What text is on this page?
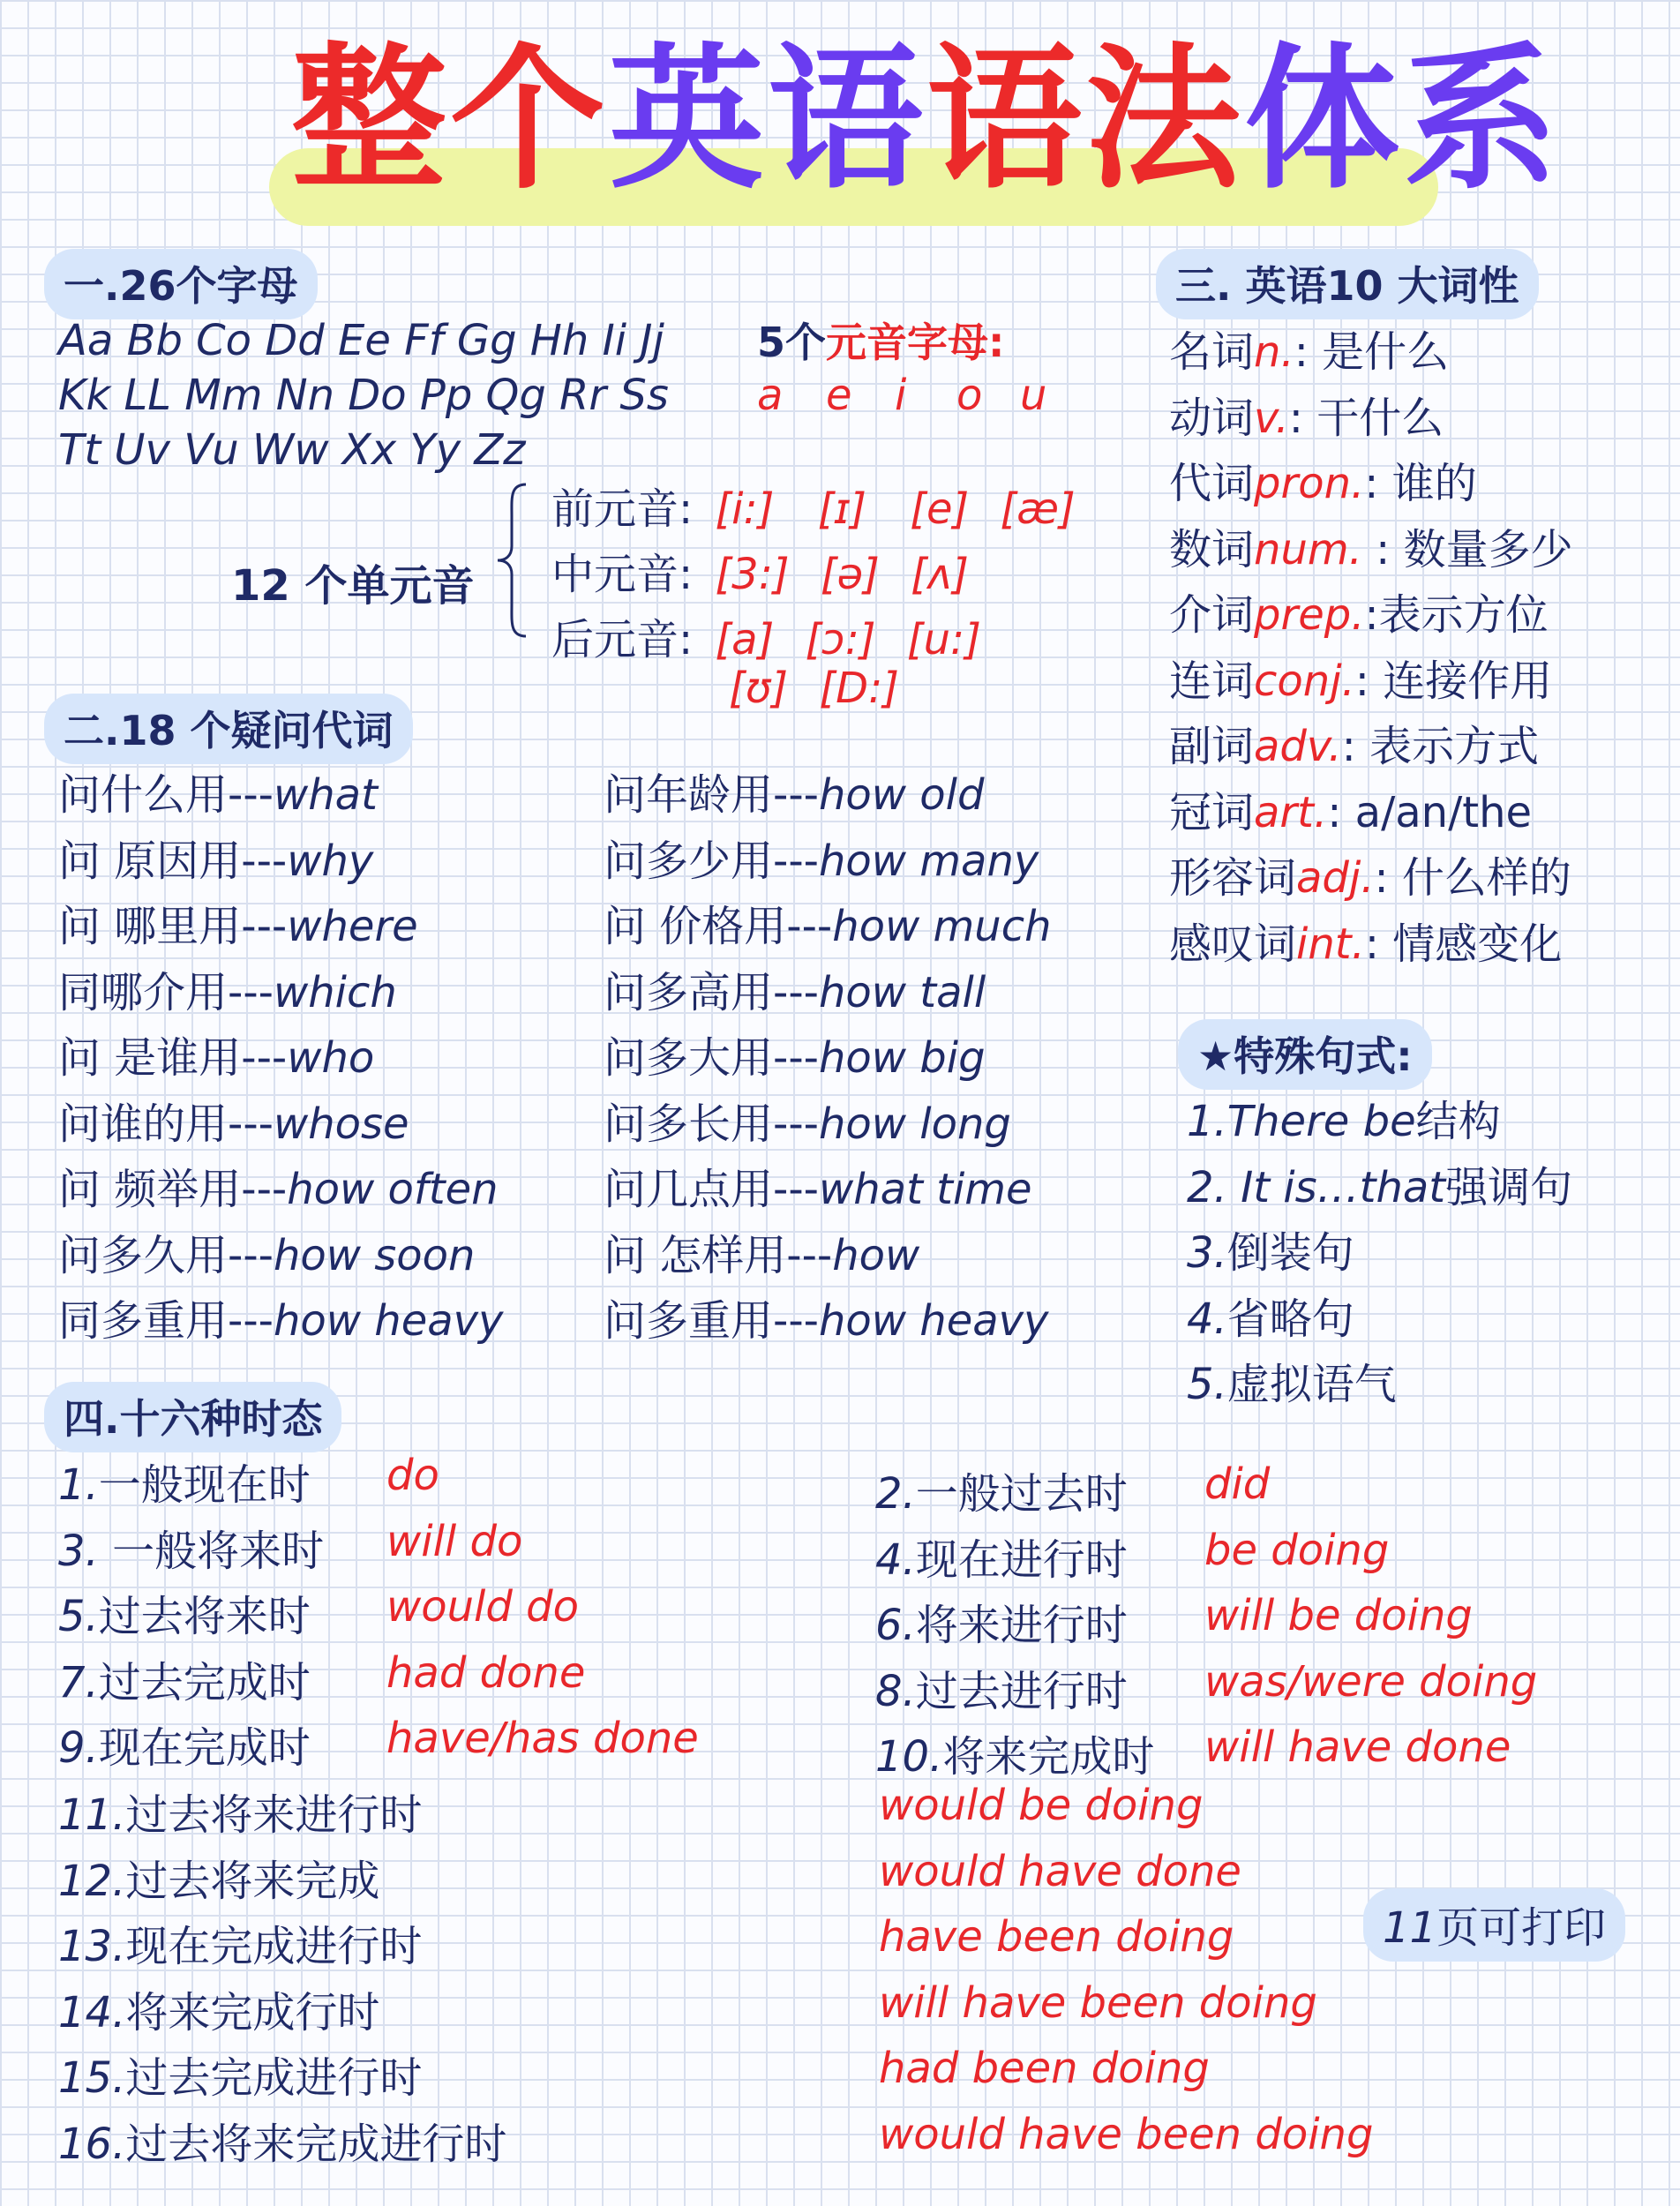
整个英语语法体系
一.26个字母
Aa Bb Co Dd Ee Ff Gg Hh Ii Jj
Kk LL Mm Nn Do Pp Qg Rr Ss
Tt Uv Vu Ww Xx Yy Zz
5个元音字母:
a e i o u
12 个单元音
前元音: [i:] [ɪ] [e] [æ]
中元音: [3:] [ə] [ʌ]
后元音: [a] [ɔ:] [u:]
[ʊ] [D:]
二.18 个疑问代词
问什么用---what
问 原因用---why
问 哪里用---where
同哪介用---which
问 是谁用---who
问谁的用---whose
问 频举用---how often
问多久用---how soon
同多重用---how heavy
问年龄用---how old
问多少用---how many
问 价格用---how much
问多高用---how tall
问多大用---how big
问多长用---how long
问几点用---what time
问 怎样用---how
问多重用---how heavy
三. 英语10 大词性
名词n.: 是什么
动词v.: 干什么
代词pron.: 谁的
数词num. : 数量多少
介词prep.:表示方位
连词conj.: 连接作用
副词adv.: 表示方式
冠词art.: a/an/the
形容词adj.: 什么样的
感叹词int.: 情感变化
★特殊句式:
1.There be结构
2. It is…that强调句
3.倒装句
4.省略句
5.虚拟语气
四.十六种时态
1.一般现在时 do
3. 一般将来时 will do
5.过去将来时 would do
7.过去完成时 had done
9.现在完成时 have/has done
2.一般过去时 did
4.现在进行时 be doing
6.将来进行时 will be doing
8.过去进行时 was/were doing
10.将来完成时 will have done
11.过去将来进行时	would be doing
12.过去将来完成	would have done
13.现在完成进行时	have been doing
14.将来完成行时	will have been doing
15.过去完成进行时	had been doing
16.过去将来完成进行时	would have been doing
11页可打印
